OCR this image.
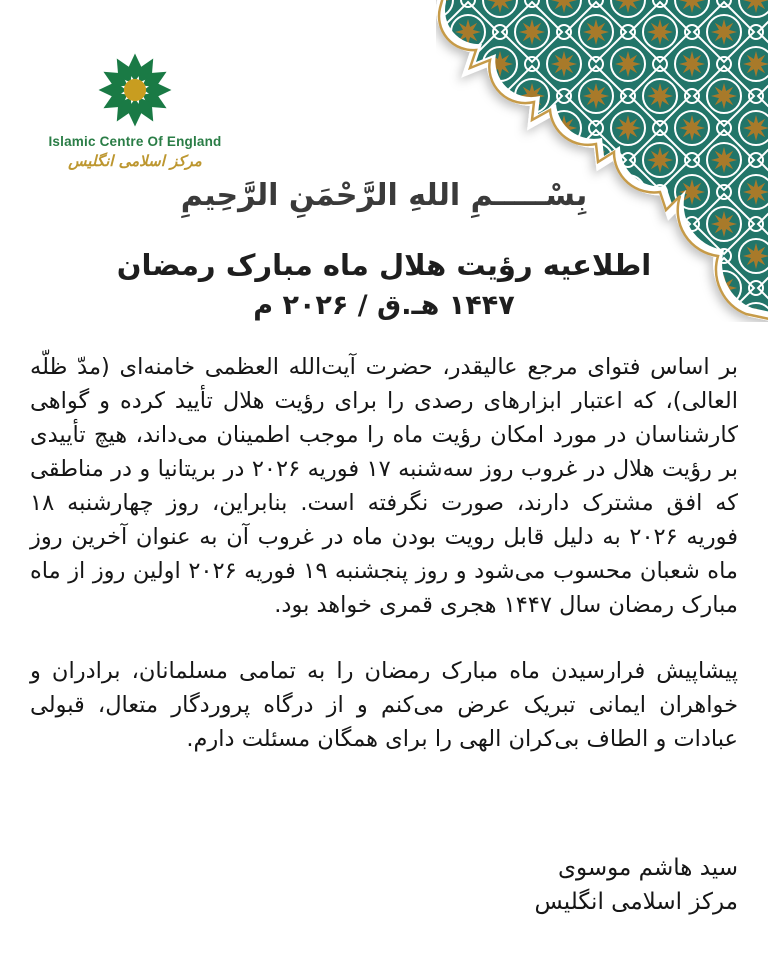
Islamic Centre Of England
مرکز اسلامی انگلیس
بِسْـــــمِ اللهِ الرَّحْمَنِ الرَّحِيمِ
اطلاعیه رؤیت هلال ماه مبارک رمضان
۱۴۴۷ هـ.ق / ۲۰۲۶ م
بر اساس فتوای مرجع عالیقدر، حضرت آیت‌الله العظمی خامنه‌ای (مدّ ظلّه العالی)، که اعتبار ابزارهای رصدی را برای رؤیت هلال تأیید کرده و گواهی کارشناسان در مورد امکان رؤیت ماه را موجب اطمینان می‌داند، هیچ تأییدی بر رؤیت هلال در غروب روز سه‌شنبه ۱۷ فوریه ۲۰۲۶ در بریتانیا و در مناطقی که افق مشترک دارند، صورت نگرفته است. بنابراین، روز چهارشنبه ۱۸ فوریه ۲۰۲۶ به دلیل قابل رویت بودن ماه در غروب آن به عنوان آخرین روز ماه شعبان محسوب می‌شود و روز پنجشنبه ۱۹ فوریه ۲۰۲۶ اولین روز از ماه مبارک رمضان سال ۱۴۴۷ هجری قمری خواهد بود.
پیشاپیش فرارسیدن ماه مبارک رمضان را به تمامی مسلمانان، برادران و خواهران ایمانی تبریک عرض می‌کنم و از درگاه پروردگار متعال، قبولی عبادات و الطاف بی‌کران الهی را برای همگان مسئلت دارم.
سید هاشم موسوی
مرکز اسلامی انگلیس
